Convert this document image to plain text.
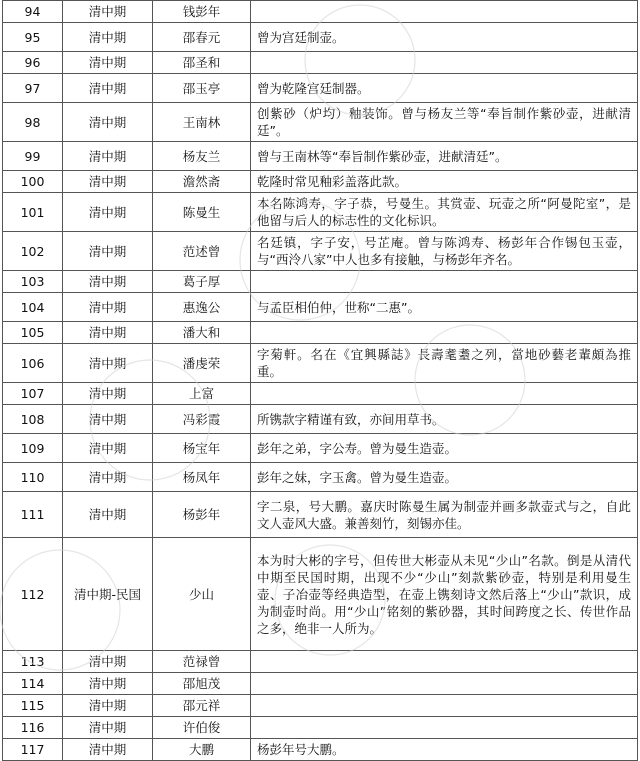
94	清中期	钱彭年	
95	清中期	邵春元	曾为宫廷制壶。
96	清中期	邵圣和	
97	清中期	邵玉亭	曾为乾隆宫廷制器。
98	清中期	王南林	创紫砂（炉均）釉装饰。曾与杨友兰等“奉旨制作紫砂壶，进献清廷”。
99	清中期	杨友兰	曾与王南林等“奉旨制作紫砂壶，进献清廷”。
100	清中期	澹然斋	乾隆时常见釉彩盖落此款。
101	清中期	陈曼生	本名陈鸿寿，字子恭，号曼生。其赏壶、玩壶之所“阿曼陀室”，是他留与后人的标志性的文化标识。
102	清中期	范述曾	名廷镇，字子安，号芷庵。曾与陈鸿寿、杨彭年合作锡包玉壶，与“西泠八家”中人也多有接触，与杨彭年齐名。
103	清中期	葛子厚	
104	清中期	惠逸公	与孟臣相伯仲，世称“二惠”。
105	清中期	潘大和	
106	清中期	潘虔荣	字菊軒。名在《宜興縣誌》長壽耄耋之列，當地砂藝老輩頗為推重。
107	清中期	上富	
108	清中期	冯彩霞	所镌款字精谨有致，亦间用草书。
109	清中期	杨宝年	彭年之弟，字公寿。曾为曼生造壶。
110	清中期	杨凤年	彭年之妹，字玉禽。曾为曼生造壶。
111	清中期	杨彭年	字二泉，号大鹏。嘉庆时陈曼生属为制壶并画多款壶式与之，自此文人壶风大盛。兼善刻竹，刻锡亦佳。
112	清中期-民国	少山	本为时大彬的字号，但传世大彬壶从未见“少山”名款。倒是从清代中期至民国时期，出现不少“少山”刻款紫砂壶，特别是利用曼生壶、子冶壶等经典造型，在壶上镌刻诗文然后落上“少山”款识，成为制壶时尚。用“少山”铭刻的紫砂器，其时间跨度之长、传世作品之多，绝非一人所为。
113	清中期	范禄曾	
114	清中期	邵旭茂	
115	清中期	邵元祥	
116	清中期	许伯俊	
117	清中期	大鹏	杨彭年号大鹏。
